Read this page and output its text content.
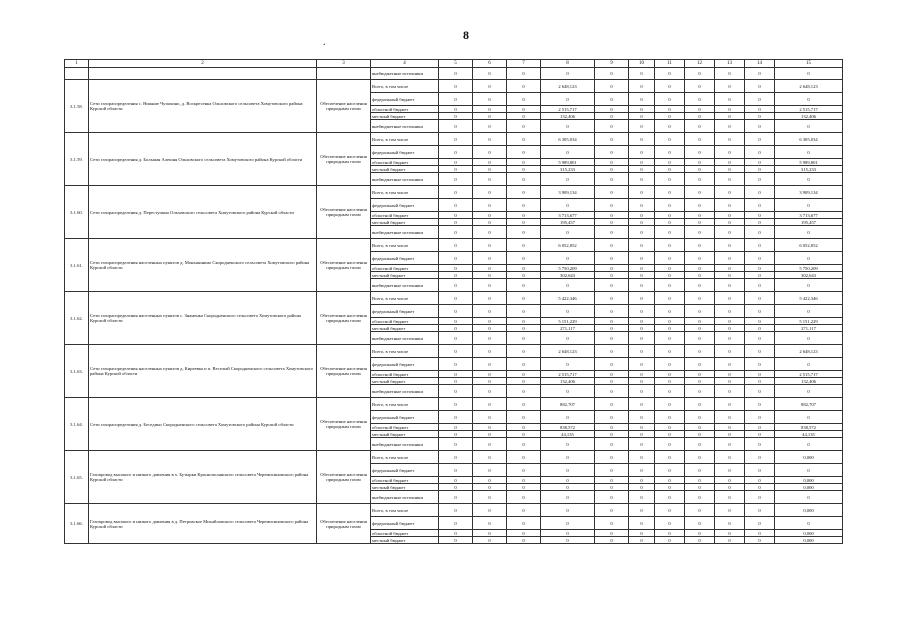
.
8
1	2	3	4	5	6	7	8	9	10	11	12	13	14	15
			внебюджетные источники	0	0	0	0	0	0	0	0	0	0	0
3.1.58.	Сети газораспределения с. Нижние Чупахино, д. Воскресенка Ольховского сельсовета Хомутовского района Курской области	Обеспечение населения природным газом	Всего, в том числе	0	0	0	2 648,123	0	0	0	0	0	0	2 648,123
			федеральный бюджет	0	0	0	0	0	0	0	0	0	0	0
			областной бюджет	0	0	0	2 515,717	0	0	0	0	0	0	2 515,717
			местный бюджет	0	0	0	132,406	0	0	0	0	0	0	132,406
			внебюджетные источники	0	0	0	0	0	0	0	0	0	0	0
3.1.59.	Сети газораспределения д. Большая Алешня Ольховского сельсовета Хомутовского района Курской области	Обеспечение населения природным газом	Всего, в том числе	0	0	0	6 305,034	0	0	0	0	0	0	6 305,034
			федеральный бюджет	0	0	0	0	0	0	0	0	0	0	0
			областной бюджет	0	0	0	5 989,801	0	0	0	0	0	0	5 989,801
			местный бюджет	0	0	0	315,233	0	0	0	0	0	0	315,233
			внебюджетные источники	0	0	0	0	0	0	0	0	0	0	0
3.1.60.	Сети газораспределения д. Переступина Ольховского сельсовета Хомутовского района Курской области	Обеспечение населения природным газом	Всего, в том числе	0	0	0	3 909,134	0	0	0	0	0	0	3 909,134
			федеральный бюджет	0	0	0	0	0	0	0	0	0	0	0
			областной бюджет	0	0	0	3 713,677	0	0	0	0	0	0	3 713,677
			местный бюджет	0	0	0	195,457	0	0	0	0	0	0	195,457
			внебюджетные источники	0	0	0	0	0	0	0	0	0	0	0
3.1.61.	Сети газораспределения населенных пунктов д. Моньшинино Скородненского сельсовета Хомутовского района Курской области	Обеспечение населения природным газом	Всего, в том числе	0	0	0	6 052,852	0	0	0	0	0	0	6 052,852
			федеральный бюджет	0	0	0	0	0	0	0	0	0	0	0
			областной бюджет	0	0	0	5 750,209	0	0	0	0	0	0	5 750,209
			местный бюджет	0	0	0	302,643	0	0	0	0	0	0	302,643
			внебюджетные источники	0	0	0	0	0	0	0	0	0	0	0
3.1.62.	Сети газораспределения населенных пунктов с. Знаменка Скородненского сельсовета Хомутовского района Курской области	Обеспечение населения природным газом	Всего, в том числе	0	0	0	5 422,346	0	0	0	0	0	0	5 422,346
			федеральный бюджет	0	0	0	0	0	0	0	0	0	0	0
			областной бюджет	0	0	0	5 151,229	0	0	0	0	0	0	5 151,229
			местный бюджет	0	0	0	271,117	0	0	0	0	0	0	271,117
			внебюджетные источники	0	0	0	0	0	0	0	0	0	0	0
3.1.63.	Сети газораспределения населенных пунктов д. Киреевка и п. Веселый Скородненского сельсовета Хомутовского района Курской области	Обеспечение населения природным газом	Всего, в том числе	0	0	0	2 648,123	0	0	0	0	0	0	2 648,123
			федеральный бюджет	0	0	0	0	0	0	0	0	0	0	0
			областной бюджет	0	0	0	2 515,717	0	0	0	0	0	0	2 515,717
			местный бюджет	0	0	0	132,406	0	0	0	0	0	0	132,406
			внебюджетные источники	0	0	0	0	0	0	0	0	0	0	0
3.1.64.	Сети газораспределения д. Беседино Скородненского сельсовета Хомутовского района Курской области	Обеспечение населения природным газом	Всего, в том числе	0	0	0	882,707	0	0	0	0	0	0	882,707
			федеральный бюджет	0	0	0	0	0	0	0	0	0	0	0
			областной бюджет	0	0	0	838,572	0	0	0	0	0	0	838,572
			местный бюджет	0	0	0	44,135	0	0	0	0	0	0	44,135
			внебюджетные источники	0	0	0	0	0	0	0	0	0	0	0
3.1.65.	Газопровод высокого и низкого давления в х. Бутырки Краснополянского сельсовета Черемисиновского района Курской области	Обеспечение населения природным газом	Всего, в том числе	0	0	0	0	0	0	0	0	0	0	0,000
			федеральный бюджет	0	0	0	0	0	0	0	0	0	0	0
			областной бюджет	0	0	0	0	0	0	0	0	0	0	0,000
			местный бюджет	0	0	0	0	0	0	0	0	0	0	0,000
			внебюджетные источники	0	0	0	0	0	0	0	0	0	0	0
3.1.66.	Газопровод высокого и низкого давления в д. Петровское Михайловского сельсовета Черемисиновского района Курской области	Обеспечение населения природным газом	Всего, в том числе	0	0	0	0	0	0	0	0	0	0	0,000
			федеральный бюджет	0	0	0	0	0	0	0	0	0	0	0
			областной бюджет	0	0	0	0	0	0	0	0	0	0	0,000
			местный бюджет	0	0	0	0	0	0	0	0	0	0	0,000
